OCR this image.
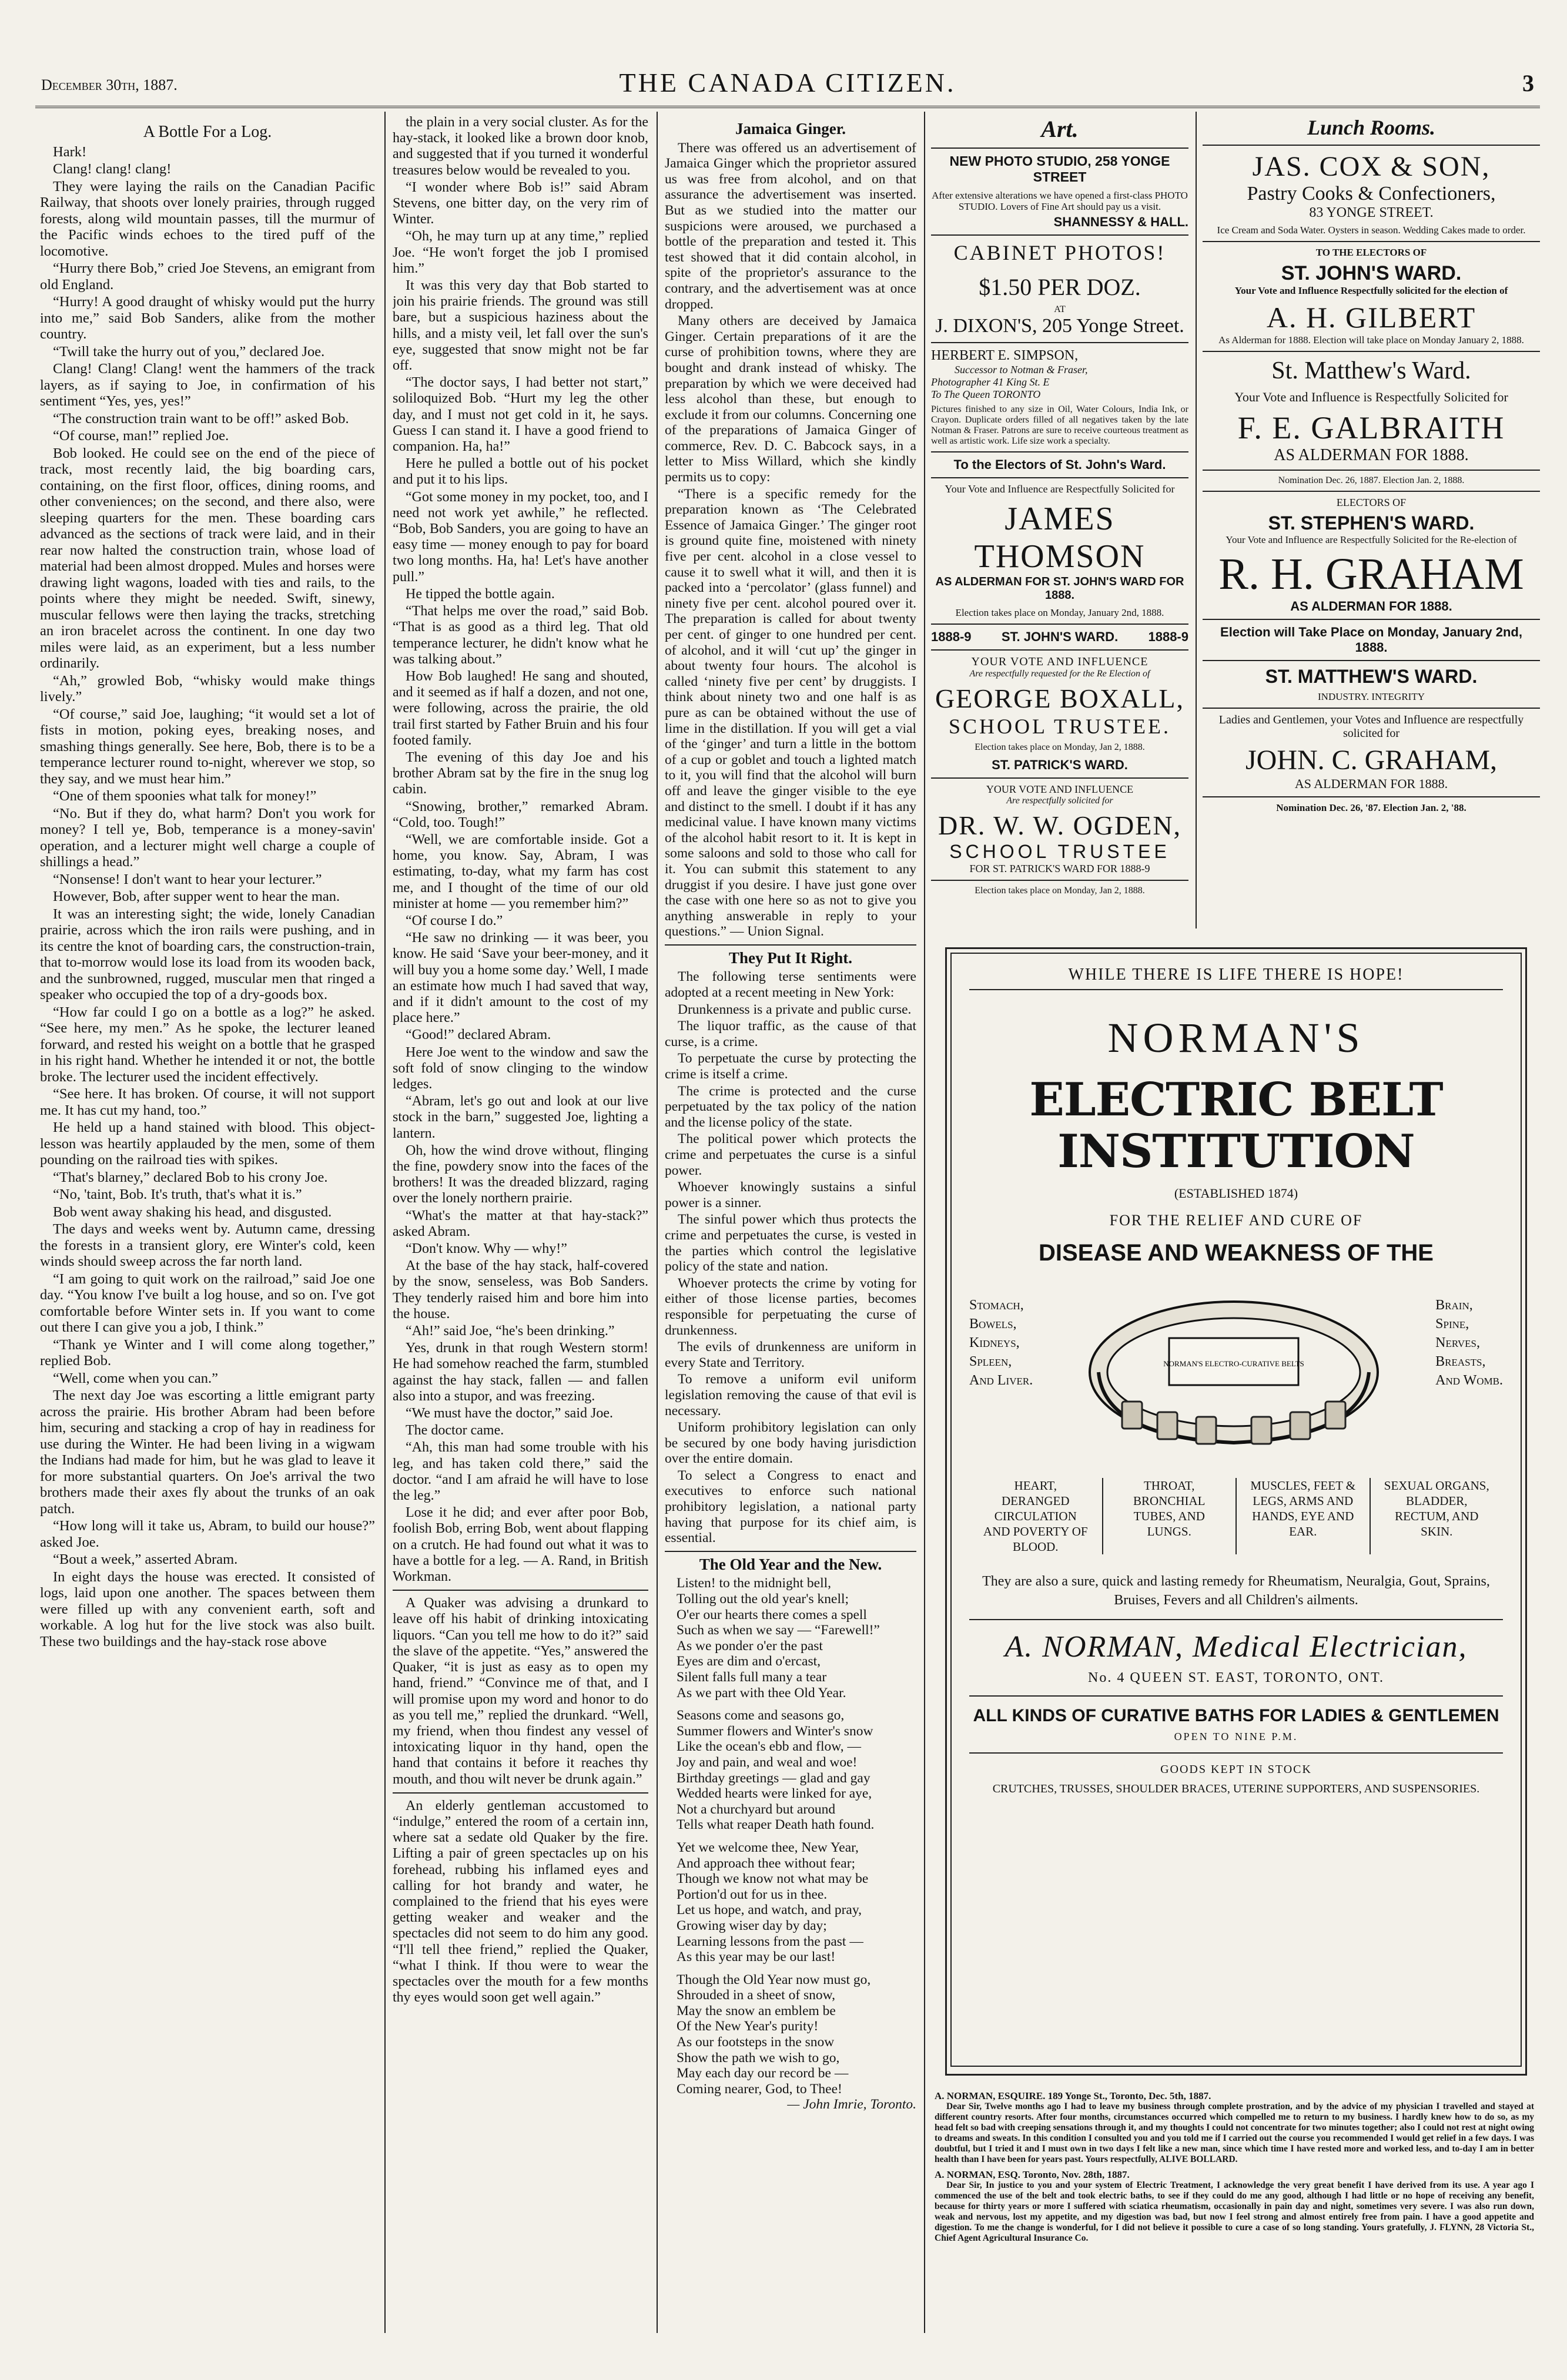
December 30th, 1887.	THE CANADA CITIZEN.	3
A Bottle For a Log.

Hark!

Clang! clang! clang!

They were laying the rails on the Canadian Pacific Railway, that shoots over lonely prairies, through rugged forests, along wild mountain passes, till the murmur of the Pacific winds echoes to the tired puff of the locomotive.

“Hurry there Bob,” cried Joe Stevens, an emigrant from old England.

“Hurry! A good draught of whisky would put the hurry into me,” said Bob Sanders, alike from the mother country.

“Twill take the hurry out of you,” declared Joe.

Clang! Clang! Clang! went the hammers of the track layers, as if saying to Joe, in confirmation of his sentiment “Yes, yes, yes!”

“The construction train want to be off!” asked Bob.

“Of course, man!” replied Joe.

Bob looked. He could see on the end of the piece of track, most recently laid, the big boarding cars, containing, on the first floor, offices, dining rooms, and other conveniences; on the second, and there also, were sleeping quarters for the men. These boarding cars advanced as the sections of track were laid, and in their rear now halted the construction train, whose load of material had been almost dropped. Mules and horses were drawing light wagons, loaded with ties and rails, to the points where they might be needed. Swift, sinewy, muscular fellows were then laying the tracks, stretching an iron bracelet across the continent. In one day two miles were laid, as an experiment, but a less number ordinarily.

“Ah,” growled Bob, “whisky would make things lively.”

“Of course,” said Joe, laughing; “it would set a lot of fists in motion, poking eyes, breaking noses, and smashing things generally. See here, Bob, there is to be a temperance lecturer round to-night, wherever we stop, so they say, and we must hear him.”

“One of them spoonies what talk for money!”

“No. But if they do, what harm? Don't you work for money? I tell ye, Bob, temperance is a money-savin' operation, and a lecturer might well charge a couple of shillings a head.”

“Nonsense! I don't want to hear your lecturer.”

However, Bob, after supper went to hear the man.

It was an interesting sight; the wide, lonely Canadian prairie, across which the iron rails were pushing, and in its centre the knot of boarding cars, the construction-train, that to-morrow would lose its load from its wooden back, and the sunbrowned, rugged, muscular men that ringed a speaker who occupied the top of a dry-goods box.

“How far could I go on a bottle as a log?” he asked. “See here, my men.” As he spoke, the lecturer leaned forward, and rested his weight on a bottle that he grasped in his right hand. Whether he intended it or not, the bottle broke. The lecturer used the incident effectively.

“See here. It has broken. Of course, it will not support me. It has cut my hand, too.”

He held up a hand stained with blood. This object-lesson was heartily applauded by the men, some of them pounding on the railroad ties with spikes.

“That's blarney,” declared Bob to his crony Joe.

“No, 'taint, Bob. It's truth, that's what it is.”

Bob went away shaking his head, and disgusted.

The days and weeks went by. Autumn came, dressing the forests in a transient glory, ere Winter's cold, keen winds should sweep across the far north land.

“I am going to quit work on the railroad,” said Joe one day. “You know I've built a log house, and so on. I've got comfortable before Winter sets in. If you want to come out there I can give you a job, I think.”

“Thank ye Winter and I will come along together,” replied Bob.

“Well, come when you can.”

The next day Joe was escorting a little emigrant party across the prairie. His brother Abram had been before him, securing and stacking a crop of hay in readiness for use during the Winter. He had been living in a wigwam the Indians had made for him, but he was glad to leave it for more substantial quarters. On Joe's arrival the two brothers made their axes fly about the trunks of an oak patch.

“How long will it take us, Abram, to build our house?” asked Joe.

“Bout a week,” asserted Abram.

In eight days the house was erected. It consisted of logs, laid upon one another. The spaces between them were filled up with any convenient earth, soft and workable. A log hut for the live stock was also built. These two buildings and the hay-stack rose above

the plain in a very social cluster. As for the hay-stack, it looked like a brown door knob, and suggested that if you turned it wonderful treasures below would be revealed to you.

“I wonder where Bob is!” said Abram Stevens, one bitter day, on the very rim of Winter.

“Oh, he may turn up at any time,” replied Joe. “He won't forget the job I promised him.”

It was this very day that Bob started to join his prairie friends. The ground was still bare, but a suspicious haziness about the hills, and a misty veil, let fall over the sun's eye, suggested that snow might not be far off.

“The doctor says, I had better not start,” soliloquized Bob. “Hurt my leg the other day, and I must not get cold in it, he says. Guess I can stand it. I have a good friend to companion. Ha, ha!”

Here he pulled a bottle out of his pocket and put it to his lips.

“Got some money in my pocket, too, and I need not work yet awhile,” he reflected. “Bob, Bob Sanders, you are going to have an easy time — money enough to pay for board two long months. Ha, ha! Let's have another pull.”

He tipped the bottle again.

“That helps me over the road,” said Bob. “That is as good as a third leg. That old temperance lecturer, he didn't know what he was talking about.”

How Bob laughed! He sang and shouted, and it seemed as if half a dozen, and not one, were following, across the prairie, the old trail first started by Father Bruin and his four footed family.

The evening of this day Joe and his brother Abram sat by the fire in the snug log cabin.

“Snowing, brother,” remarked Abram. “Cold, too. Tough!”

“Well, we are comfortable inside. Got a home, you know. Say, Abram, I was estimating, to-day, what my farm has cost me, and I thought of the time of our old minister at home — you remember him?”

“Of course I do.”

“He saw no drinking — it was beer, you know. He said ‘Save your beer-money, and it will buy you a home some day.’ Well, I made an estimate how much I had saved that way, and if it didn't amount to the cost of my place here.”

“Good!” declared Abram.

Here Joe went to the window and saw the soft fold of snow clinging to the window ledges.

“Abram, let's go out and look at our live stock in the barn,” suggested Joe, lighting a lantern.

Oh, how the wind drove without, flinging the fine, powdery snow into the faces of the brothers! It was the dreaded blizzard, raging over the lonely northern prairie.

“What's the matter at that hay-stack?” asked Abram.

“Don't know. Why — why!”

At the base of the hay stack, half-covered by the snow, senseless, was Bob Sanders. They tenderly raised him and bore him into the house.

“Ah!” said Joe, “he's been drinking.”

Yes, drunk in that rough Western storm! He had somehow reached the farm, stumbled against the hay stack, fallen — and fallen also into a stupor, and was freezing.

“We must have the doctor,” said Joe.

The doctor came.

“Ah, this man had some trouble with his leg, and has taken cold there,” said the doctor. “and I am afraid he will have to lose the leg.”

Lose it he did; and ever after poor Bob, foolish Bob, erring Bob, went about flapping on a crutch. He had found out what it was to have a bottle for a leg. — A. Rand, in British Workman.

A Quaker was advising a drunkard to leave off his habit of drinking intoxicating liquors. “Can you tell me how to do it?” said the slave of the appetite. “Yes,” answered the Quaker, “it is just as easy as to open my hand, friend.” “Convince me of that, and I will promise upon my word and honor to do as you tell me,” replied the drunkard. “Well, my friend, when thou findest any vessel of intoxicating liquor in thy hand, open the hand that contains it before it reaches thy mouth, and thou wilt never be drunk again.”

An elderly gentleman accustomed to “indulge,” entered the room of a certain inn, where sat a sedate old Quaker by the fire. Lifting a pair of green spectacles up on his forehead, rubbing his inflamed eyes and calling for hot brandy and water, he complained to the friend that his eyes were getting weaker and weaker and the spectacles did not seem to do him any good. “I'll tell thee friend,” replied the Quaker, “what I think. If thou were to wear the spectacles over the mouth for a few months thy eyes would soon get well again.”

Jamaica Ginger.

There was offered us an advertisement of Jamaica Ginger which the proprietor assured us was free from alcohol, and on that assurance the advertisement was inserted. But as we studied into the matter our suspicions were aroused, we purchased a bottle of the preparation and tested it. This test showed that it did contain alcohol, in spite of the proprietor's assurance to the contrary, and the advertisement was at once dropped.

Many others are deceived by Jamaica Ginger. Certain preparations of it are the curse of prohibition towns, where they are bought and drank instead of whisky. The preparation by which we were deceived had less alcohol than these, but enough to exclude it from our columns. Concerning one of the preparations of Jamaica Ginger of commerce, Rev. D. C. Babcock says, in a letter to Miss Willard, which she kindly permits us to copy:

“There is a specific remedy for the preparation known as ‘The Celebrated Essence of Jamaica Ginger.’ The ginger root is ground quite fine, moistened with ninety five per cent. alcohol in a close vessel to cause it to swell what it will, and then it is packed into a ‘percolator’ (glass funnel) and ninety five per cent. alcohol poured over it. The preparation is called for about twenty per cent. of ginger to one hundred per cent. of alcohol, and it will ‘cut up’ the ginger in about twenty four hours. The alcohol is called ‘ninety five per cent’ by druggists. I think about ninety two and one half is as pure as can be obtained without the use of lime in the distillation. If you will get a vial of the ‘ginger’ and turn a little in the bottom of a cup or goblet and touch a lighted match to it, you will find that the alcohol will burn off and leave the ginger visible to the eye and distinct to the smell. I doubt if it has any medicinal value. I have known many victims of the alcohol habit resort to it. It is kept in some saloons and sold to those who call for it. You can submit this statement to any druggist if you desire. I have just gone over the case with one here so as not to give you anything answerable in reply to your questions.” — Union Signal.

They Put It Right.

The following terse sentiments were adopted at a recent meeting in New York:

Drunkenness is a private and public curse.

The liquor traffic, as the cause of that curse, is a crime.

To perpetuate the curse by protecting the crime is itself a crime.

The crime is protected and the curse perpetuated by the tax policy of the nation and the license policy of the state.

The political power which protects the crime and perpetuates the curse is a sinful power.

Whoever knowingly sustains a sinful power is a sinner.

The sinful power which thus protects the crime and perpetuates the curse, is vested in the parties which control the legislative policy of the state and nation.

Whoever protects the crime by voting for either of those license parties, becomes responsible for perpetuating the curse of drunkenness.

The evils of drunkenness are uniform in every State and Territory.

To remove a uniform evil uniform legislation removing the cause of that evil is necessary.

Uniform prohibitory legislation can only be secured by one body having jurisdiction over the entire domain.

To select a Congress to enact and executives to enforce such national prohibitory legislation, a national party having that purpose for its chief aim, is essential.

The Old Year and the New.
Listen! to the midnight bell,
Tolling out the old year's knell;
O'er our hearts there comes a spell
Such as when we say — “Farewell!”
As we ponder o'er the past
Eyes are dim and o'ercast,
Silent falls full many a tear
As we part with thee Old Year.
Seasons come and seasons go,
Summer flowers and Winter's snow
Like the ocean's ebb and flow, —
Joy and pain, and weal and woe!
Birthday greetings — glad and gay
Wedded hearts were linked for aye,
Not a churchyard but around
Tells what reaper Death hath found.
Yet we welcome thee, New Year,
And approach thee without fear;
Though we know not what may be
Portion'd out for us in thee.
Let us hope, and watch, and pray,
Growing wiser day by day;
Learning lessons from the past —
As this year may be our last!
Though the Old Year now must go,
Shrouded in a sheet of snow,
May the snow an emblem be
Of the New Year's purity!
As our footsteps in the snow
Show the path we wish to go,
May each day our record be —
Coming nearer, God, to Thee!
— John Imrie, Toronto.
Art.
NEW PHOTO STUDIO, 258 YONGE STREET
After extensive alterations we have opened a first-class PHOTO STUDIO. Lovers of Fine Art should pay us a visit.
SHANNESSY & HALL.
CABINET PHOTOS!
$1.50 PER DOZ.
AT
J. DIXON'S, 205 Yonge Street.
HERBERT E. SIMPSON,
Successor to Notman & Fraser,
Photographer 41 King St. E
To The Queen TORONTO
Pictures finished to any size in Oil, Water Colours, India Ink, or Crayon. Duplicate orders filled of all negatives taken by the late Notman & Fraser. Patrons are sure to receive courteous treatment as well as artistic work. Life size work a specialty.
To the Electors of St. John's Ward.
Your Vote and Influence are Respectfully Solicited for
JAMES THOMSON
AS ALDERMAN FOR ST. JOHN'S WARD FOR 1888.
Election takes place on Monday, January 2nd, 1888.
1888-9 ST. JOHN'S WARD. 1888-9
YOUR VOTE AND INFLUENCE
Are respectfully requested for the Re Election of
GEORGE BOXALL,
SCHOOL TRUSTEE.
Election takes place on Monday, Jan 2, 1888.
ST. PATRICK'S WARD.
YOUR VOTE AND INFLUENCE
Are respectfully solicited for
DR. W. W. OGDEN,
SCHOOL TRUSTEE
FOR ST. PATRICK'S WARD FOR 1888-9
Election takes place on Monday, Jan 2, 1888.
Lunch Rooms.
JAS. COX & SON,
Pastry Cooks & Confectioners,
83 YONGE STREET.
Ice Cream and Soda Water. Oysters in season. Wedding Cakes made to order.
TO THE ELECTORS OF
ST. JOHN'S WARD.
Your Vote and Influence Respectfully solicited for the election of
A. H. GILBERT
As Alderman for 1888. Election will take place on Monday January 2, 1888.
St. Matthew's Ward.
Your Vote and Influence is Respectfully Solicited for
F. E. GALBRAITH
AS ALDERMAN FOR 1888.
Nomination Dec. 26, 1887. Election Jan. 2, 1888.
ELECTORS OF
ST. STEPHEN'S WARD.
Your Vote and Influence are Respectfully Solicited for the Re-election of
R. H. GRAHAM
AS ALDERMAN FOR 1888.
Election will Take Place on Monday, January 2nd, 1888.
ST. MATTHEW'S WARD.
INDUSTRY. INTEGRITY
Ladies and Gentlemen, your Votes and Influence are respectfully solicited for
JOHN. C. GRAHAM,
AS ALDERMAN FOR 1888.
Nomination Dec. 26, '87. Election Jan. 2, '88.
WHILE THERE IS LIFE THERE IS HOPE!
NORMAN'S
ELECTRIC BELT INSTITUTION
(ESTABLISHED 1874)
FOR THE RELIEF AND CURE OF
DISEASE AND WEAKNESS OF THE
Stomach,
Bowels,
Kidneys,
Spleen,
And Liver.
Brain,
Spine,
Nerves,
Breasts,
And Womb.
NORMAN'S ELECTRO-CURATIVE BELTS
HEART, DERANGED CIRCULATION AND POVERTY OF BLOOD.
THROAT, BRONCHIAL TUBES, AND LUNGS.
MUSCLES, FEET & LEGS, ARMS AND HANDS, EYE AND EAR.
SEXUAL ORGANS, BLADDER, RECTUM, AND SKIN.
They are also a sure, quick and lasting remedy for Rheumatism, Neuralgia, Gout, Sprains, Bruises, Fevers and all Children's ailments.
A. NORMAN, Medical Electrician,
No. 4 QUEEN ST. EAST, TORONTO, ONT.
ALL KINDS OF CURATIVE BATHS FOR LADIES & GENTLEMEN
OPEN TO NINE P.M.
GOODS KEPT IN STOCK
CRUTCHES, TRUSSES, SHOULDER BRACES, UTERINE SUPPORTERS, AND SUSPENSORIES.
A. NORMAN, ESQUIRE. 189 Yonge St., Toronto, Dec. 5th, 1887.
Dear Sir, Twelve months ago I had to leave my business through complete prostration, and by the advice of my physician I travelled and stayed at different country resorts. After four months, circumstances occurred which compelled me to return to my business. I hardly knew how to do so, as my head felt so bad with creeping sensations through it, and my thoughts I could not concentrate for two minutes together; also I could not rest at night owing to dreams and sweats. In this condition I consulted you and you told me if I carried out the course you recommended I would get relief in a few days. I was doubtful, but I tried it and I must own in two days I felt like a new man, since which time I have rested more and worked less, and to-day I am in better health than I have been for years past. Yours respectfully, ALIVE BOLLARD.
A. NORMAN, ESQ. Toronto, Nov. 28th, 1887.
Dear Sir, In justice to you and your system of Electric Treatment, I acknowledge the very great benefit I have derived from its use. A year ago I commenced the use of the belt and took electric baths, to see if they could do me any good, although I had little or no hope of receiving any benefit, because for thirty years or more I suffered with sciatica rheumatism, occasionally in pain day and night, sometimes very severe. I was also run down, weak and nervous, lost my appetite, and my digestion was bad, but now I feel strong and almost entirely free from pain. I have a good appetite and digestion. To me the change is wonderful, for I did not believe it possible to cure a case of so long standing. Yours gratefully, J. FLYNN, 28 Victoria St., Chief Agent Agricultural Insurance Co.
